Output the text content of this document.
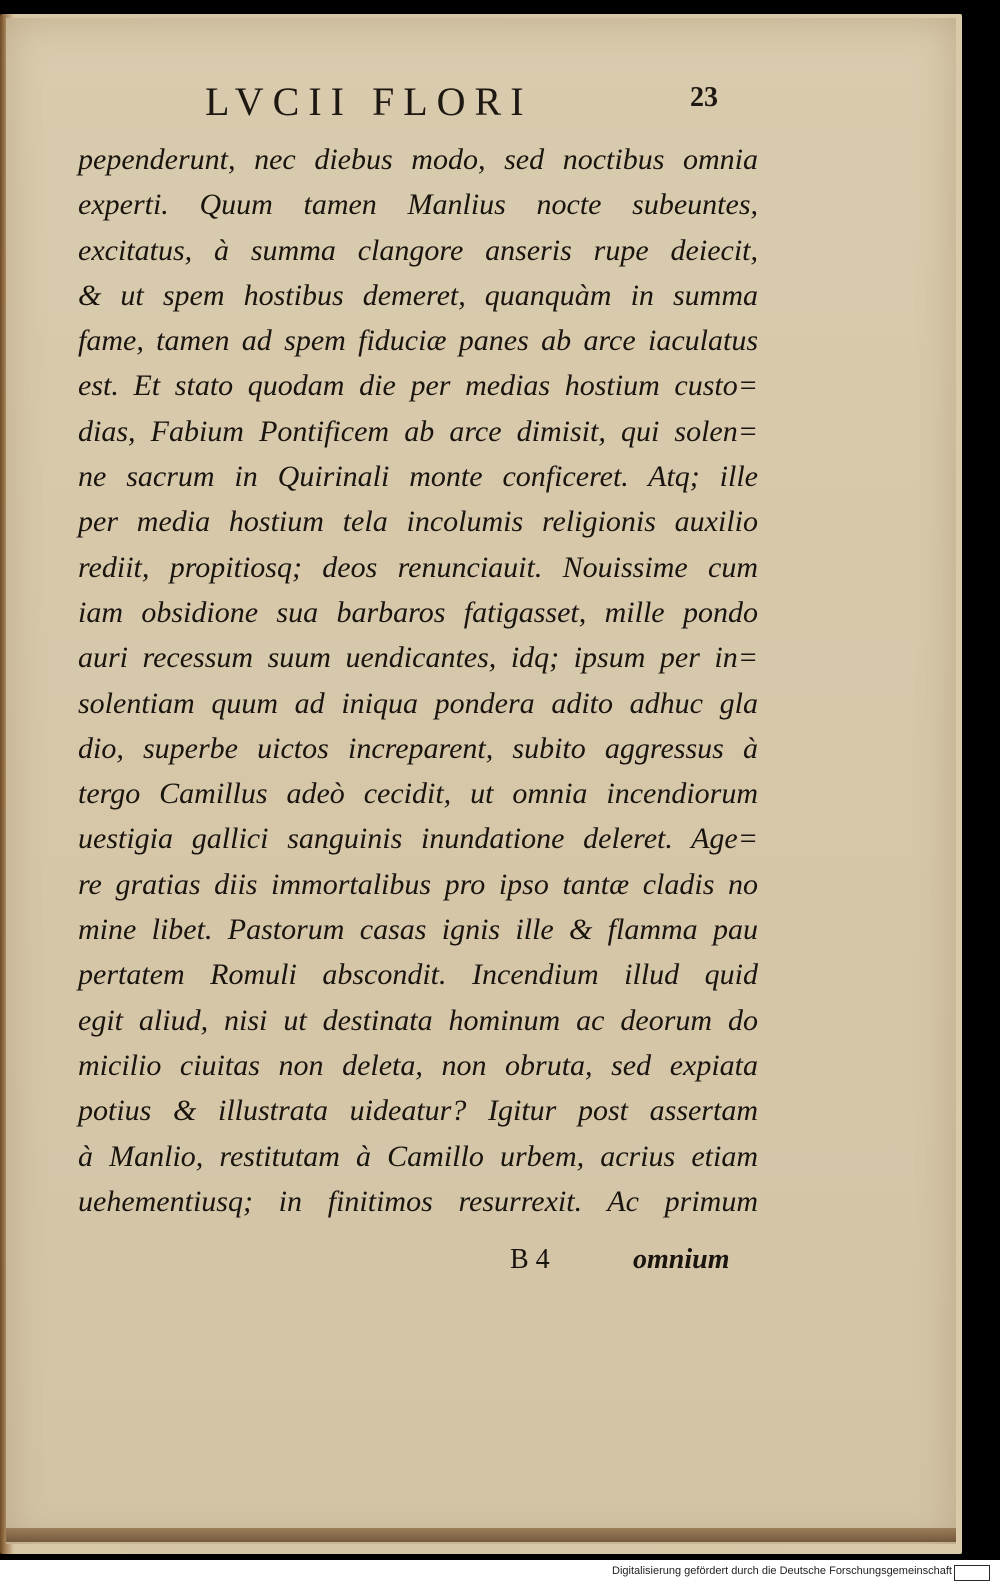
LVCII FLORI	23
pependerunt, nec diebus modo, sed noctibus omnia
experti. Quum tamen Manlius nocte subeuntes,
excitatus, à summa clangore anseris rupe deiecit,
& ut spem hostibus demeret, quanquàm in summa
fame, tamen ad spem fiduciæ panes ab arce iaculatus
est. Et stato quodam die per medias hostium custo=
dias, Fabium Pontificem ab arce dimisit, qui solen=
ne sacrum in Quirinali monte conficeret. Atq; ille
per media hostium tela incolumis religionis auxilio
rediit, propitiosq; deos renunciauit. Nouissime cum
iam obsidione sua barbaros fatigasset, mille pondo
auri recessum suum uendicantes, idq; ipsum per in=
solentiam quum ad iniqua pondera adito adhuc gla
dio, superbe uictos increparent, subito aggressus à
tergo Camillus adeò cecidit, ut omnia incendiorum
uestigia gallici sanguinis inundatione deleret. Age=
re gratias diis immortalibus pro ipso tantæ cladis no
mine libet. Pastorum casas ignis ille & flamma pau
pertatem Romuli abscondit. Incendium illud quid
egit aliud, nisi ut destinata hominum ac deorum do
micilio ciuitas non deleta, non obruta, sed expiata
potius & illustrata uideatur? Igitur post assertam
à Manlio, restitutam à Camillo urbem, acrius etiam
uehementiusq; in finitimos resurrexit. Ac primum
B 4	omnium
Digitalisierung gefördert durch die Deutsche Forschungsgemeinschaft
